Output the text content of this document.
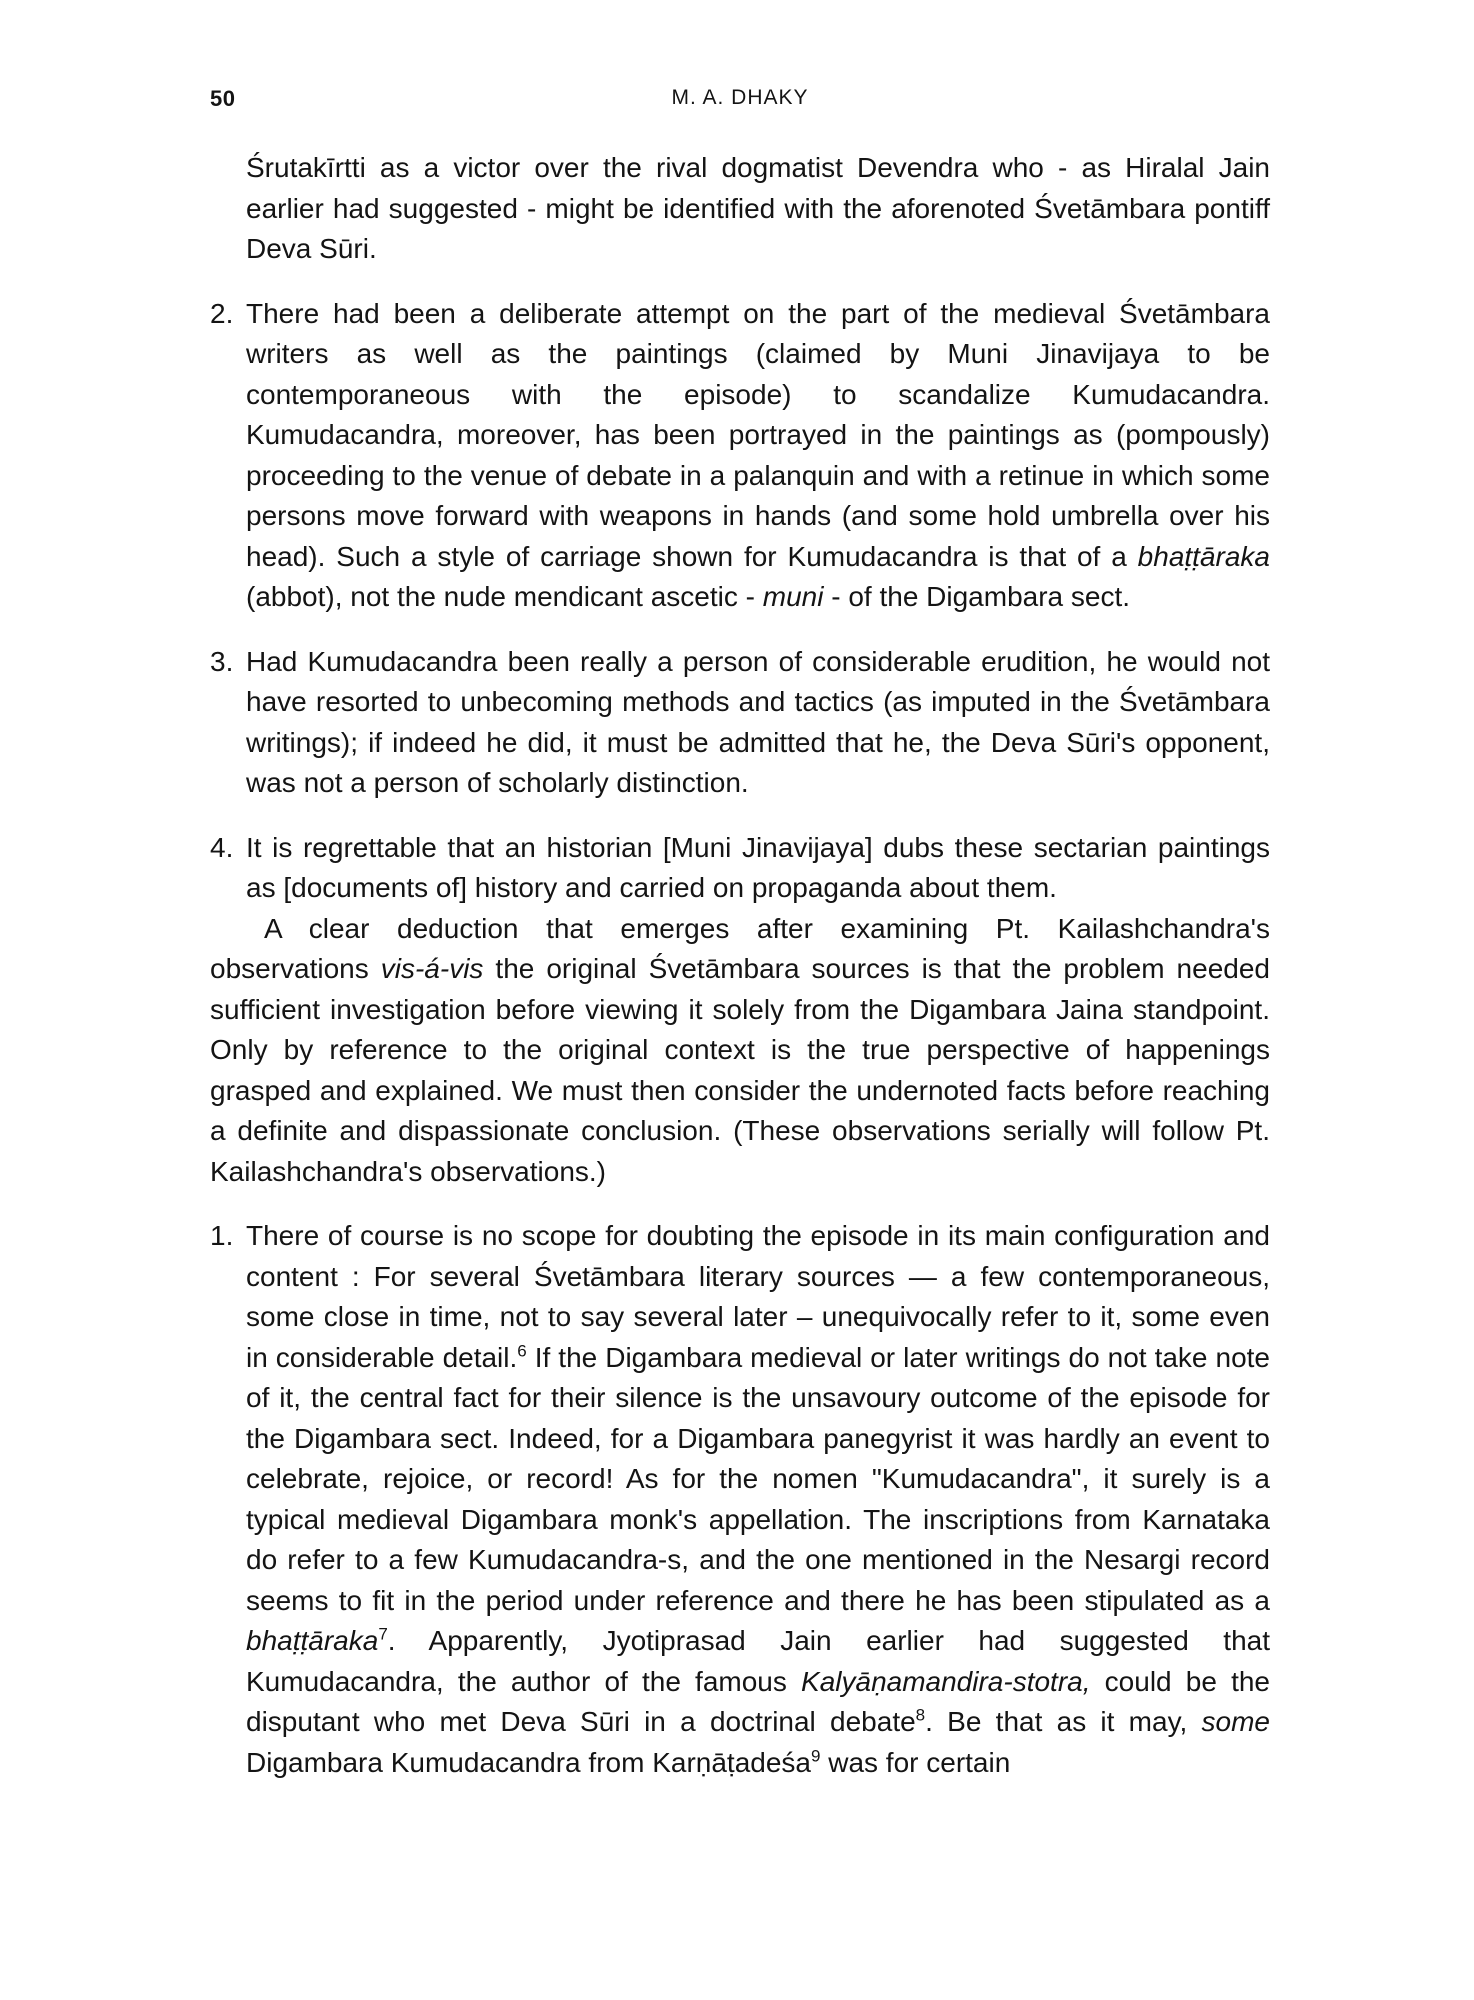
50	M. A. DHAKY

Śrutakīrtti as a victor over the rival dogmatist Devendra who - as Hiralal Jain earlier had suggested - might be identified with the aforenoted Śvetāmbara pontiff Deva Sūri.

2. There had been a deliberate attempt on the part of the medieval Śvetāmbara writers as well as the paintings (claimed by Muni Jinavijaya to be contemporaneous with the episode) to scandalize Kumudacandra. Kumudacandra, moreover, has been portrayed in the paintings as (pompously) proceeding to the venue of debate in a palanquin and with a retinue in which some persons move forward with weapons in hands (and some hold umbrella over his head). Such a style of carriage shown for Kumudacandra is that of a bhaṭṭāraka (abbot), not the nude mendicant ascetic - muni - of the Digambara sect.
3. Had Kumudacandra been really a person of considerable erudition, he would not have resorted to unbecoming methods and tactics (as imputed in the Śvetāmbara writings); if indeed he did, it must be admitted that he, the Deva Sūri's opponent, was not a person of scholarly distinction.
4. It is regrettable that an historian [Muni Jinavijaya] dubs these sectarian paintings as [documents of] history and carried on propaganda about them.

A clear deduction that emerges after examining Pt. Kailashchandra's observations vis-á-vis the original Śvetāmbara sources is that the problem needed sufficient investigation before viewing it solely from the Digambara Jaina standpoint. Only by reference to the original context is the true perspective of happenings grasped and explained. We must then consider the undernoted facts before reaching a definite and dispassionate conclusion. (These observations serially will follow Pt. Kailashchandra's observations.)

1. There of course is no scope for doubting the episode in its main configuration and content : For several Śvetāmbara literary sources — a few contemporaneous, some close in time, not to say several later – unequivocally refer to it, some even in considerable detail.$^6$ If the Digambara medieval or later writings do not take note of it, the central fact for their silence is the unsavoury outcome of the episode for the Digambara sect. Indeed, for a Digambara panegyrist it was hardly an event to celebrate, rejoice, or record! As for the nomen "Kumudacandra", it surely is a typical medieval Digambara monk's appellation. The inscriptions from Karnataka do refer to a few Kumudacandra-s, and the one mentioned in the Nesargi record seems to fit in the period under reference and there he has been stipulated as a bhaṭṭāraka$^7$. Apparently, Jyotiprasad Jain earlier had suggested that Kumudacandra, the author of the famous Kalyāṇamandira-stotra, could be the disputant who met Deva Sūri in a doctrinal debate$^8$. Be that as it may, some Digambara Kumudacandra from Karṇāṭadeśa$^9$ was for certain
